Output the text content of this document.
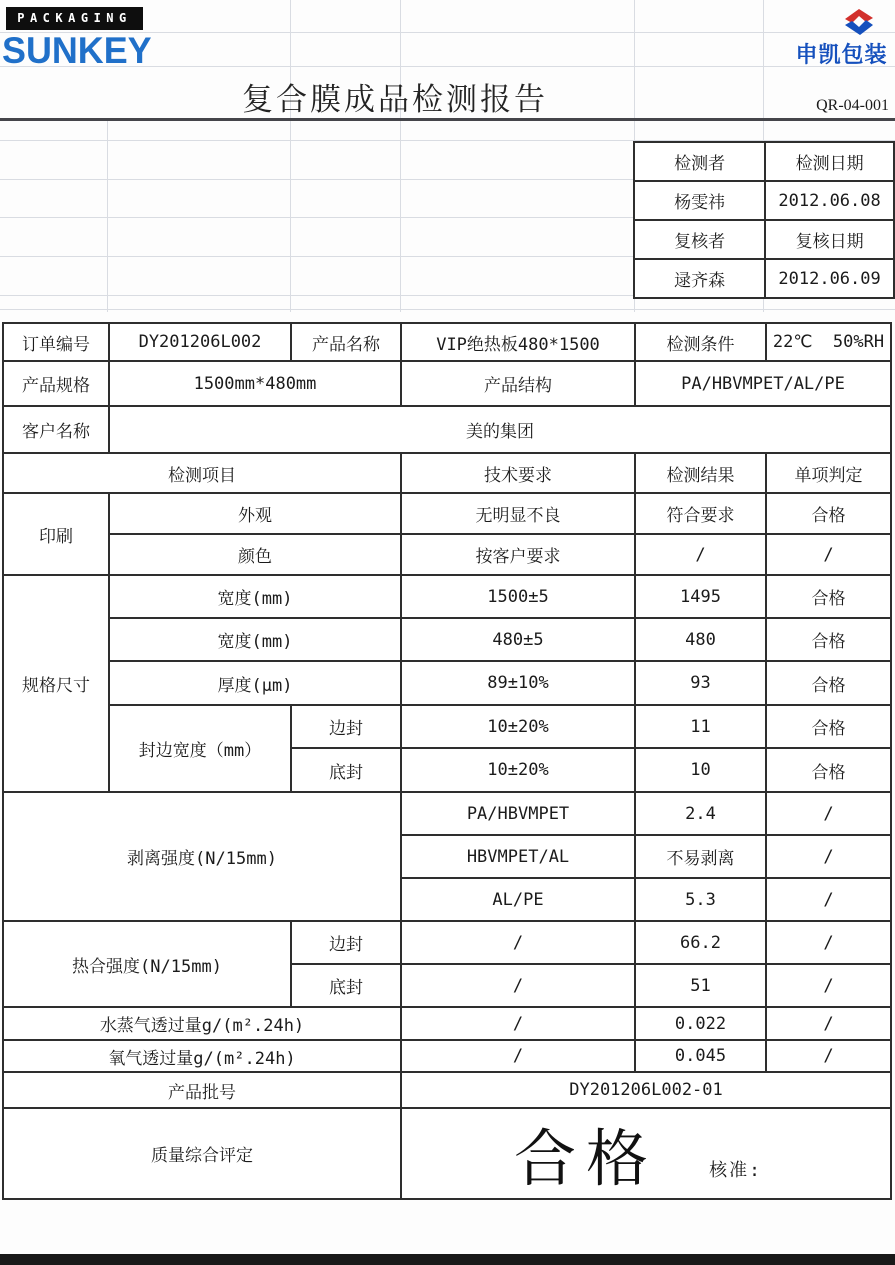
PACKAGING
SUNKEY	申凯包装
复合膜成品检测报告	QR-04-001
检测者	检测日期
杨雯祎	2012.06.08
复核者	复核日期
逯齐森	2012.06.09
订单编号	DY201206L002	产品名称	VIP绝热板480*1500	检测条件	22℃  50%RH
产品规格	1500mm*480mm		产品结构	PA/HBVMPET/AL/PE	
客户名称	美的集团				
检测项目			技术要求	检测结果	单项判定
印刷	外观		无明显不良	符合要求	合格
	颜色		按客户要求	/	/
规格尺寸	宽度(mm)		1500±5	1495	合格
	宽度(mm)		480±5	480	合格
	厚度(μm)		89±10%	93	合格
	封边宽度（mm）	边封	10±20%	11	合格
		底封	10±20%	10	合格
剥离强度(N/15mm)			PA/HBVMPET	2.4	/
			HBVMPET/AL	不易剥离	/
			AL/PE	5.3	/
热合强度(N/15mm)		边封	/	66.2	/
		底封	/	51	/
水蒸气透过量g/(m².24h)			/	0.022	/
氧气透过量g/(m².24h)			/	0.045	/
产品批号			DY201206L002-01		
质量综合评定			合格 核准:		
